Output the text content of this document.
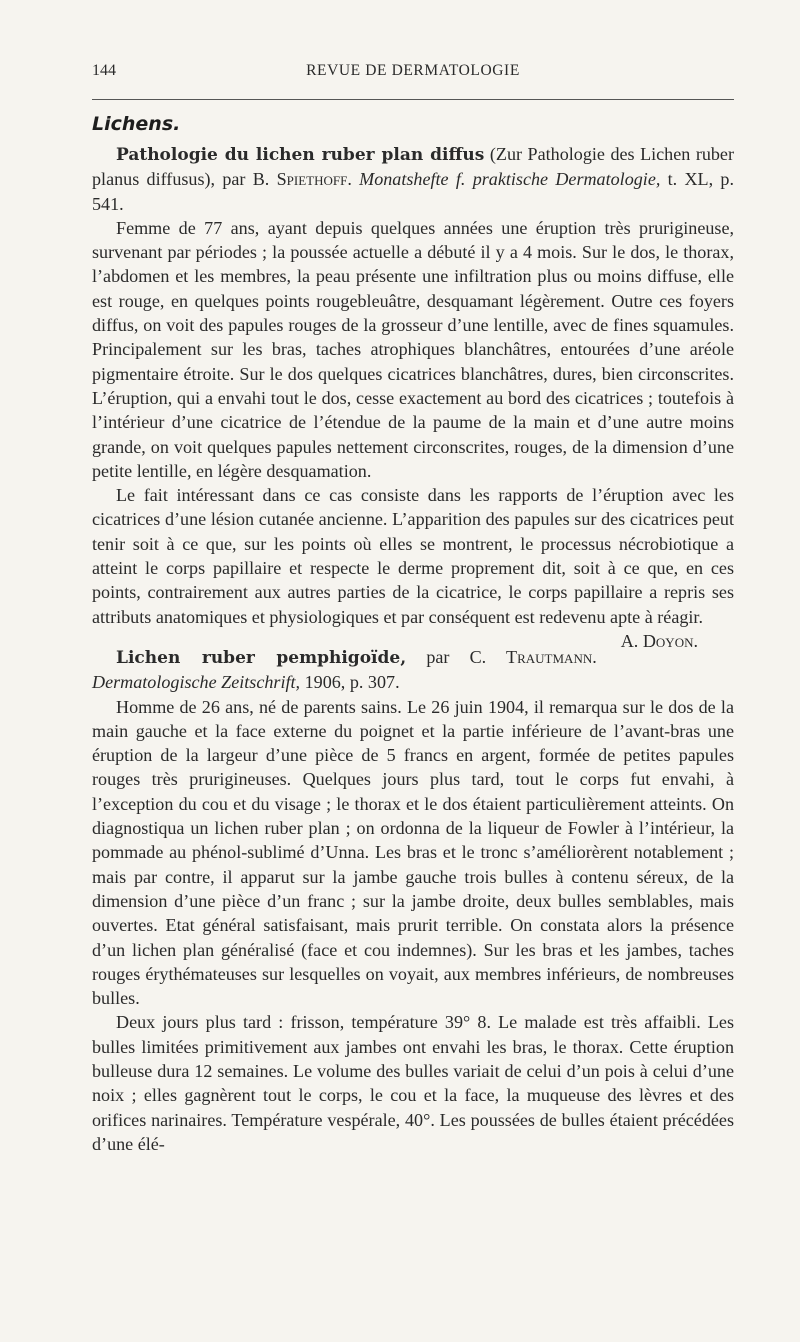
144	REVUE DE DERMATOLOGIE
Lichens.

Pathologie du lichen ruber plan diffus (Zur Pathologie des Lichen ruber planus diffusus), par B. Spiethoff. Monatshefte f. praktische Dermatologie, t. XL, p. 541.

Femme de 77 ans, ayant depuis quelques années une éruption très prurigineuse, survenant par périodes ; la poussée actuelle a débuté il y a 4 mois. Sur le dos, le thorax, l’abdomen et les membres, la peau présente une infiltration plus ou moins diffuse, elle est rouge, en quelques points rougebleuâtre, desquamant légèrement. Outre ces foyers diffus, on voit des papules rouges de la grosseur d’une lentille, avec de fines squamules. Principalement sur les bras, taches atrophiques blanchâtres, entourées d’une aréole pigmentaire étroite. Sur le dos quelques cicatrices blanchâtres, dures, bien circonscrites. L’éruption, qui a envahi tout le dos, cesse exactement au bord des cicatrices ; toutefois à l’intérieur d’une cicatrice de l’étendue de la paume de la main et d’une autre moins grande, on voit quelques papules nettement circonscrites, rouges, de la dimension d’une petite lentille, en légère desquamation.

Le fait intéressant dans ce cas consiste dans les rapports de l’éruption avec les cicatrices d’une lésion cutanée ancienne. L’apparition des papules sur des cicatrices peut tenir soit à ce que, sur les points où elles se montrent, le processus nécrobiotique a atteint le corps papillaire et respecte le derme proprement dit, soit à ce que, en ces points, contrairement aux autres parties de la cicatrice, le corps papillaire a repris ses attributs anatomiques et physiologiques et par conséquent est redevenu apte à réagir.
A. Doyon.

Lichen ruber pemphigoïde, par C. Trautmann. Dermatologische Zeitschrift, 1906, p. 307.

Homme de 26 ans, né de parents sains. Le 26 juin 1904, il remarqua sur le dos de la main gauche et la face externe du poignet et la partie inférieure de l’avant-bras une éruption de la largeur d’une pièce de 5 francs en argent, formée de petites papules rouges très prurigineuses. Quelques jours plus tard, tout le corps fut envahi, à l’exception du cou et du visage ; le thorax et le dos étaient particulièrement atteints. On diagnostiqua un lichen ruber plan ; on ordonna de la liqueur de Fowler à l’intérieur, la pommade au phénol-sublimé d’Unna. Les bras et le tronc s’améliorèrent notablement ; mais par contre, il apparut sur la jambe gauche trois bulles à contenu séreux, de la dimension d’une pièce d’un franc ; sur la jambe droite, deux bulles semblables, mais ouvertes. Etat général satisfaisant, mais prurit terrible. On constata alors la présence d’un lichen plan généralisé (face et cou indemnes). Sur les bras et les jambes, taches rouges érythémateuses sur lesquelles on voyait, aux membres inférieurs, de nombreuses bulles.

Deux jours plus tard : frisson, température 39° 8. Le malade est très affaibli. Les bulles limitées primitivement aux jambes ont envahi les bras, le thorax. Cette éruption bulleuse dura 12 semaines. Le volume des bulles variait de celui d’un pois à celui d’une noix ; elles gagnèrent tout le corps, le cou et la face, la muqueuse des lèvres et des orifices narinaires. Température vespérale, 40°. Les poussées de bulles étaient précédées d’une élé-
